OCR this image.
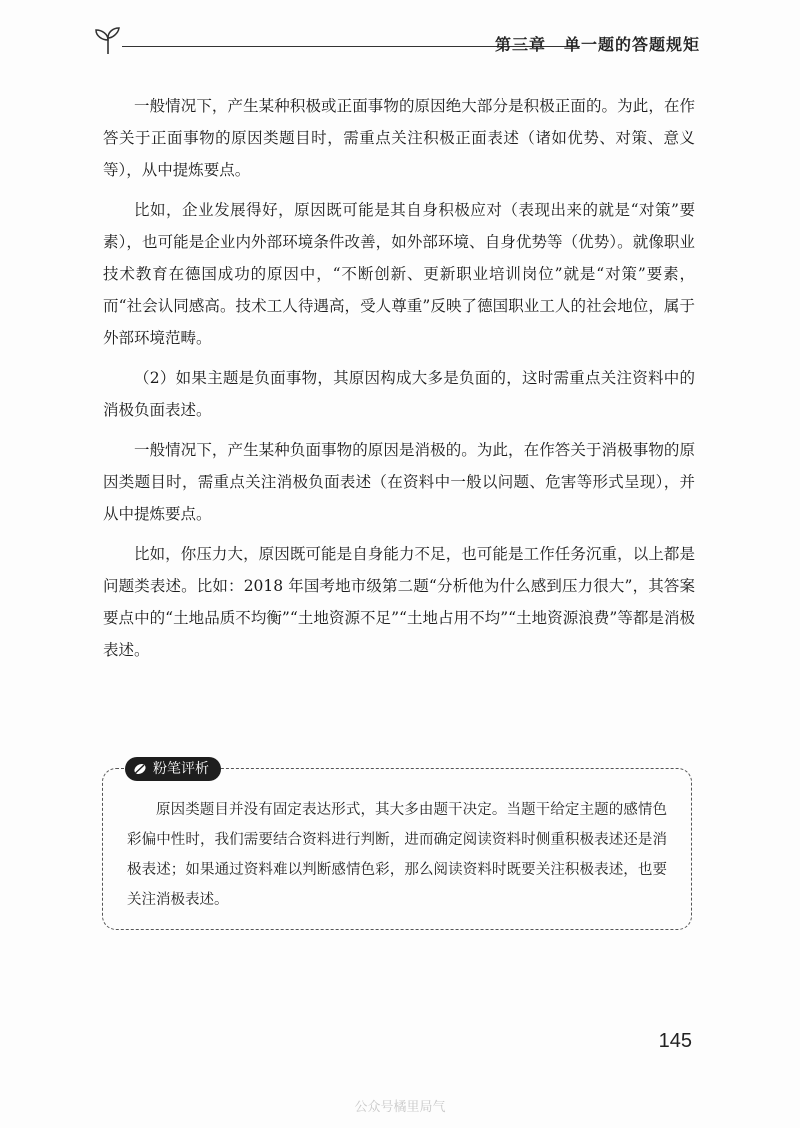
第三章 单一题的答题规矩

一般情况下，产生某种积极或正面事物的原因绝大部分是积极正面的。为此，在作答关于正面事物的原因类题目时，需重点关注积极正面表述（诸如优势、对策、意义等），从中提炼要点。

比如，企业发展得好，原因既可能是其自身积极应对（表现出来的就是“对策”要素），也可能是企业内外部环境条件改善，如外部环境、自身优势等（优势）。就像职业技术教育在德国成功的原因中，“不断创新、更新职业培训岗位”就是“对策”要素，而“社会认同感高。技术工人待遇高，受人尊重”反映了德国职业工人的社会地位，属于外部环境范畴。

（2）如果主题是负面事物，其原因构成大多是负面的，这时需重点关注资料中的消极负面表述。

一般情况下，产生某种负面事物的原因是消极的。为此，在作答关于消极事物的原因类题目时，需重点关注消极负面表述（在资料中一般以问题、危害等形式呈现），并从中提炼要点。

比如，你压力大，原因既可能是自身能力不足，也可能是工作任务沉重，以上都是问题类表述。比如：2018 年国考地市级第二题“分析他为什么感到压力很大”，其答案要点中的“土地品质不均衡”“土地资源不足”“土地占用不均”“土地资源浪费”等都是消极表述。

粉笔评析

原因类题目并没有固定表达形式，其大多由题干决定。当题干给定主题的感情色彩偏中性时，我们需要结合资料进行判断，进而确定阅读资料时侧重积极表述还是消极表述；如果通过资料难以判断感情色彩，那么阅读资料时既要关注积极表述，也要关注消极表述。

145
公众号橘里局气
